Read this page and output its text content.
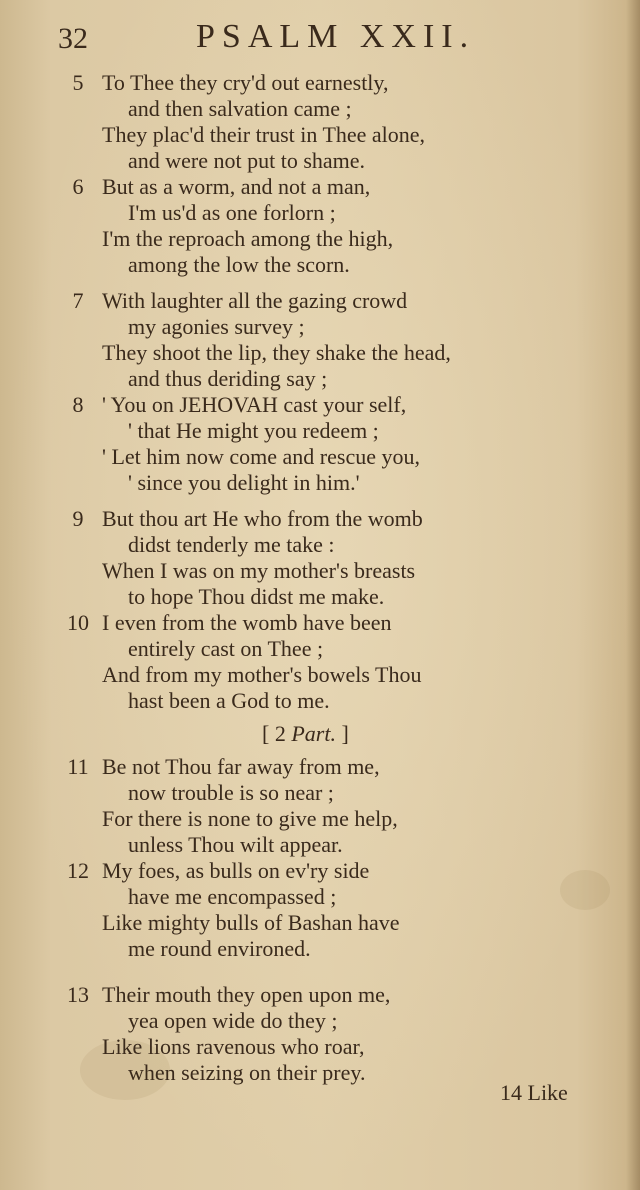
32	PSALM XXII.
5 To Thee they cry'd out earnestly,
and then salvation came ;
They plac'd their trust in Thee alone,
and were not put to shame.
6 But as a worm, and not a man,
I'm us'd as one forlorn ;
I'm the reproach among the high,
among the low the scorn.
7 With laughter all the gazing crowd
my agonies survey ;
They shoot the lip, they shake the head,
and thus deriding say ;
8 ' You on JEHOVAH cast your self,
' that He might you redeem ;
' Let him now come and rescue you,
' since you delight in him.'
9 But thou art He who from the womb
didst tenderly me take :
When I was on my mother's breasts
to hope Thou didst me make.
10 I even from the womb have been
entirely cast on Thee ;
And from my mother's bowels Thou
hast been a God to me.
[ 2 Part. ]
11 Be not Thou far away from me,
now trouble is so near ;
For there is none to give me help,
unless Thou wilt appear.
12 My foes, as bulls on ev'ry side
have me encompassed ;
Like mighty bulls of Bashan have
me round environed.
13 Their mouth they open upon me,
yea open wide do they ;
Like lions ravenous who roar,
when seizing on their prey.
14 Like
